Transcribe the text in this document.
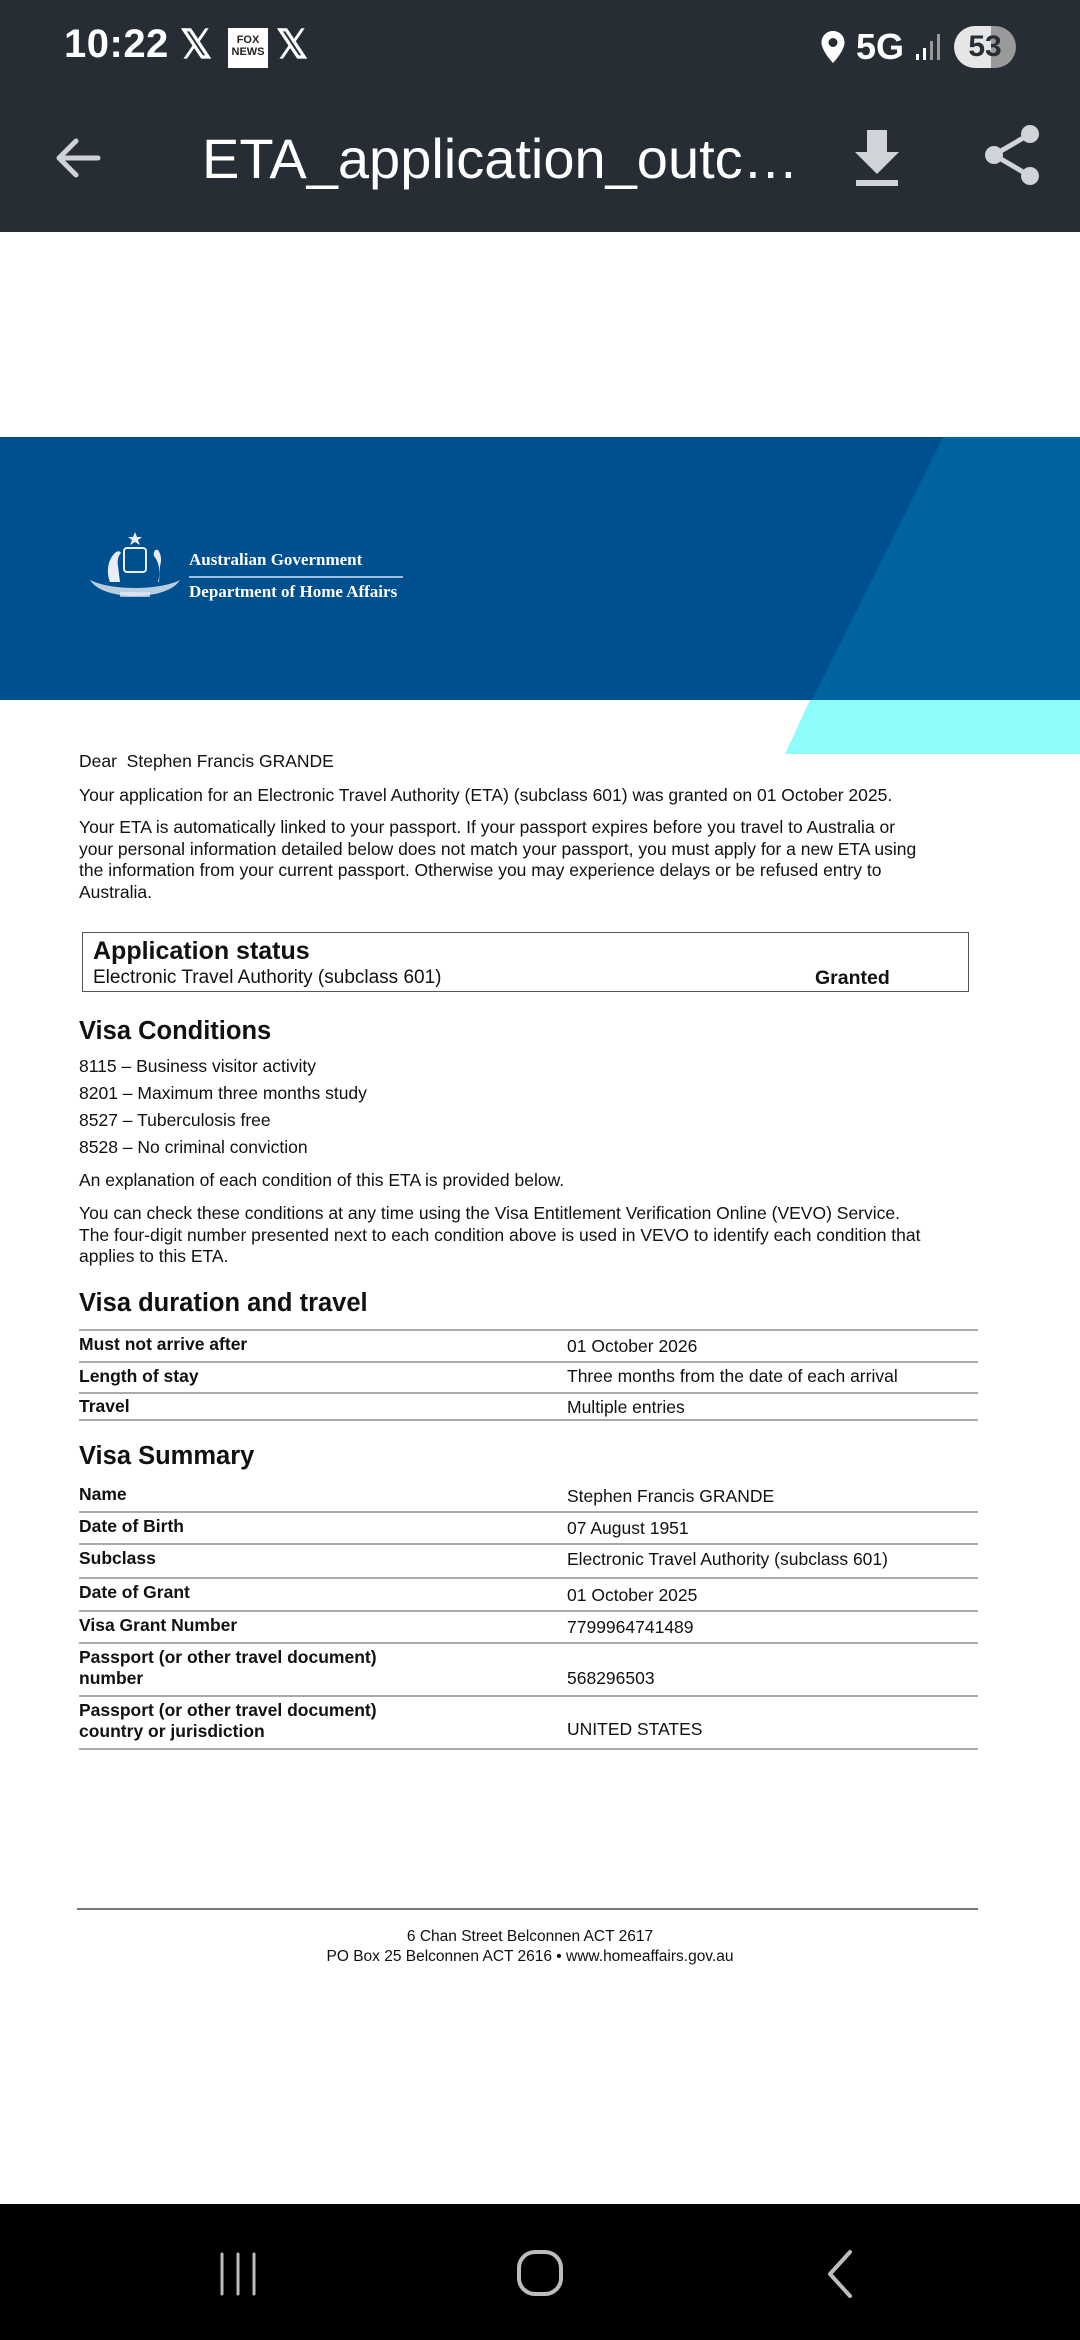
10:22 𝕏	FOX
NEWS 𝕏	5G	53
ETA_application_outc…
Australian Government
Department of Home Affairs
Dear Stephen Francis GRANDE
Your application for an Electronic Travel Authority (ETA) (subclass 601) was granted on 01 October 2025.
Your ETA is automatically linked to your passport. If your passport expires before you travel to Australia or
your personal information detailed below does not match your passport, you must apply for a new ETA using
the information from your current passport. Otherwise you may experience delays or be refused entry to
Australia.
Application status
Electronic Travel Authority (subclass 601)	Granted
Visa Conditions
8115 – Business visitor activity
8201 – Maximum three months study
8527 – Tuberculosis free
8528 – No criminal conviction
An explanation of each condition of this ETA is provided below.
You can check these conditions at any time using the Visa Entitlement Verification Online (VEVO) Service.
The four-digit number presented next to each condition above is used in VEVO to identify each condition that
applies to this ETA.
Visa duration and travel
Must not arrive after	01 October 2026
Length of stay	Three months from the date of each arrival
Travel	Multiple entries
Visa Summary
Name	Stephen Francis GRANDE
Date of Birth	07 August 1951
Subclass	Electronic Travel Authority (subclass 601)
Date of Grant	01 October 2025
Visa Grant Number	7799964741489
Passport (or other travel document)
number	568296503
Passport (or other travel document)
country or jurisdiction	UNITED STATES
6 Chan Street Belconnen ACT 2617
PO Box 25 Belconnen ACT 2616 • www.homeaffairs.gov.au
